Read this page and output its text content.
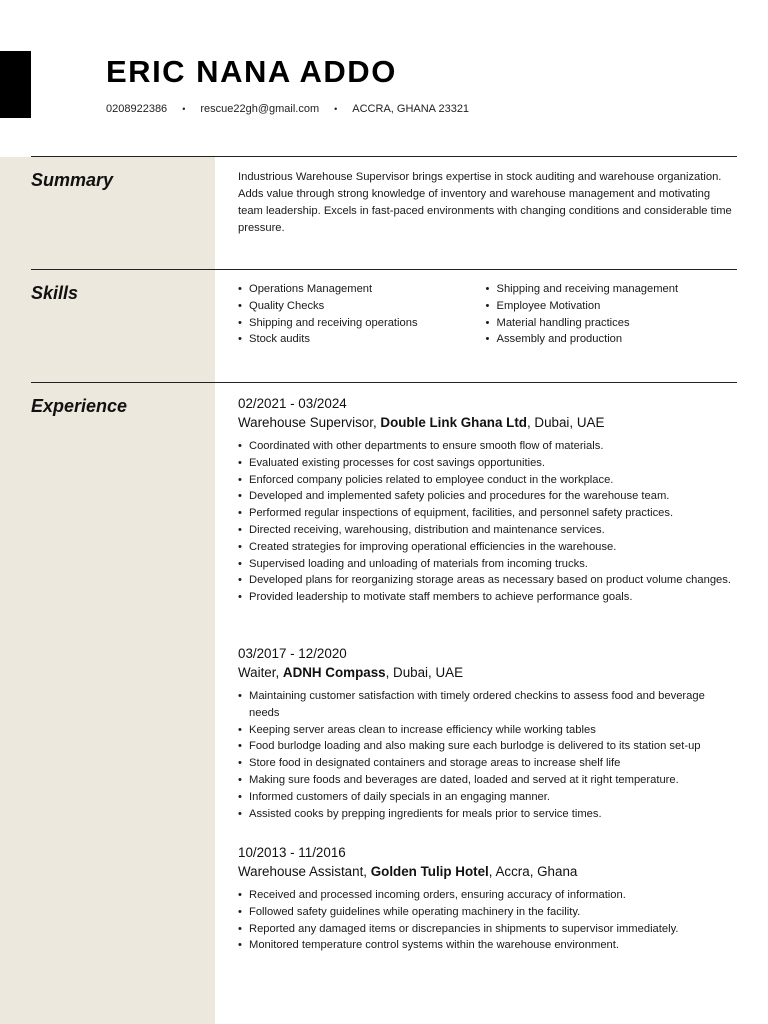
ERIC NANA ADDO
0208922386 • rescue22gh@gmail.com • ACCRA, GHANA 23321
Summary	Industrious Warehouse Supervisor brings expertise in stock auditing and warehouse organization. Adds value through strong knowledge of inventory and warehouse management and motivating team leadership. Excels in fast-paced environments with changing conditions and considerable time pressure.
Skills
•	Operations Management
• Quality Checks
• Shipping and receiving operations
• Stock audits
• Shipping and receiving management
• Employee Motivation
• Material handling practices
• Assembly and production
Experience	02/2021 - 03/2024
Warehouse Supervisor, Double Link Ghana Ltd, Dubai, UAE
• Coordinated with other departments to ensure smooth flow of materials.
• Evaluated existing processes for cost savings opportunities.
• Enforced company policies related to employee conduct in the workplace.
• Developed and implemented safety policies and procedures for the warehouse team.
• Performed regular inspections of equipment, facilities, and personnel safety practices.
• Directed receiving, warehousing, distribution and maintenance services.
• Created strategies for improving operational efficiencies in the warehouse.
• Supervised loading and unloading of materials from incoming trucks.
• Developed plans for reorganizing storage areas as necessary based on product volume changes.
• Provided leadership to motivate staff members to achieve performance goals.
03/2017 - 12/2020
Waiter, ADNH Compass, Dubai, UAE
• Maintaining customer satisfaction with timely ordered checkins to assess food and beverage needs
• Keeping server areas clean to increase efficiency while working tables
• Food burlodge loading and also making sure each burlodge is delivered to its station set-up
• Store food in designated containers and storage areas to increase shelf life
• Making sure foods and beverages are dated, loaded and served at it right temperature.
• Informed customers of daily specials in an engaging manner.
• Assisted cooks by prepping ingredients for meals prior to service times.
10/2013 - 11/2016
Warehouse Assistant, Golden Tulip Hotel, Accra, Ghana
• Received and processed incoming orders, ensuring accuracy of information.
• Followed safety guidelines while operating machinery in the facility.
• Reported any damaged items or discrepancies in shipments to supervisor immediately.
• Monitored temperature control systems within the warehouse environment.
